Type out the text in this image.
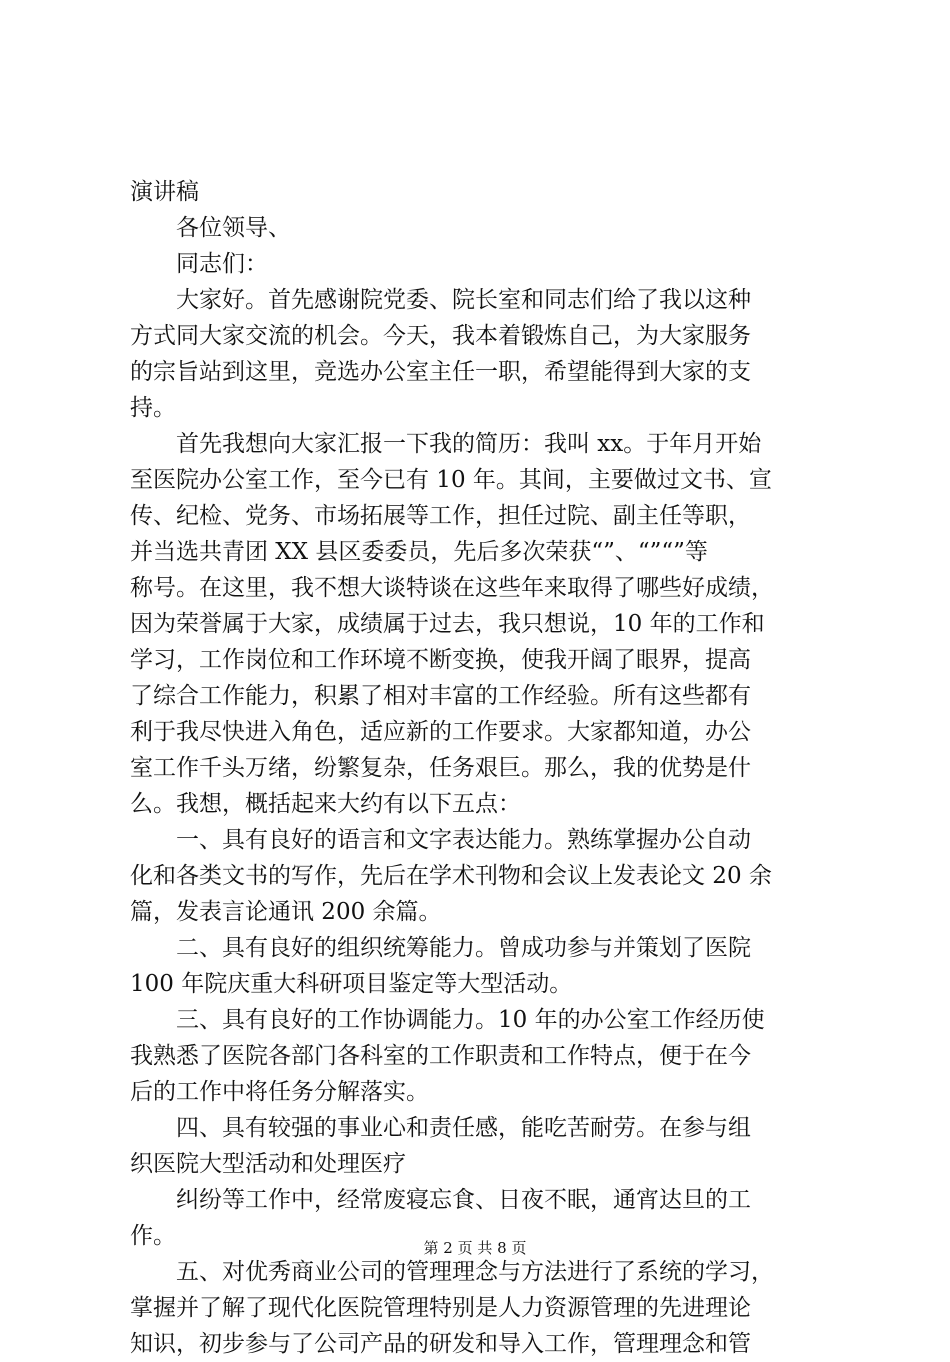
演讲稿
　　各位领导、
　　同志们：
　　大家好。首先感谢院党委、院长室和同志们给了我以这种
方式同大家交流的机会。今天，我本着锻炼自己，为大家服务
的宗旨站到这里，竞选办公室主任一职，希望能得到大家的支
持。
　　首先我想向大家汇报一下我的简历：我叫 xx。于年月开始
至医院办公室工作，至今已有 10 年。其间，主要做过文书、宣
传、纪检、党务、市场拓展等工作，担任过院、副主任等职，
并当选共青团 XX 县区委委员，先后多次荣获“”、“”“”等
称号。在这里，我不想大谈特谈在这些年来取得了哪些好成绩，
因为荣誉属于大家，成绩属于过去，我只想说，10 年的工作和
学习，工作岗位和工作环境不断变换，使我开阔了眼界，提高
了综合工作能力，积累了相对丰富的工作经验。所有这些都有
利于我尽快进入角色，适应新的工作要求。大家都知道，办公
室工作千头万绪，纷繁复杂，任务艰巨。那么，我的优势是什
么。我想，概括起来大约有以下五点：
　　一、具有良好的语言和文字表达能力。熟练掌握办公自动
化和各类文书的写作，先后在学术刊物和会议上发表论文 20 余
篇，发表言论通讯 200 余篇。
　　二、具有良好的组织统筹能力。曾成功参与并策划了医院
100 年院庆重大科研项目鉴定等大型活动。
　　三、具有良好的工作协调能力。10 年的办公室工作经历使
我熟悉了医院各部门各科室的工作职责和工作特点，便于在今
后的工作中将任务分解落实。
　　四、具有较强的事业心和责任感，能吃苦耐劳。在参与组
织医院大型活动和处理医疗
　　纠纷等工作中，经常废寝忘食、日夜不眠，通宵达旦的工
作。
　　五、对优秀商业公司的管理理念与方法进行了系统的学习，
掌握并了解了现代化医院管理特别是人力资源管理的先进理论
知识，初步参与了公司产品的研发和导入工作，管理理念和管
第 2 页 共 8 页
